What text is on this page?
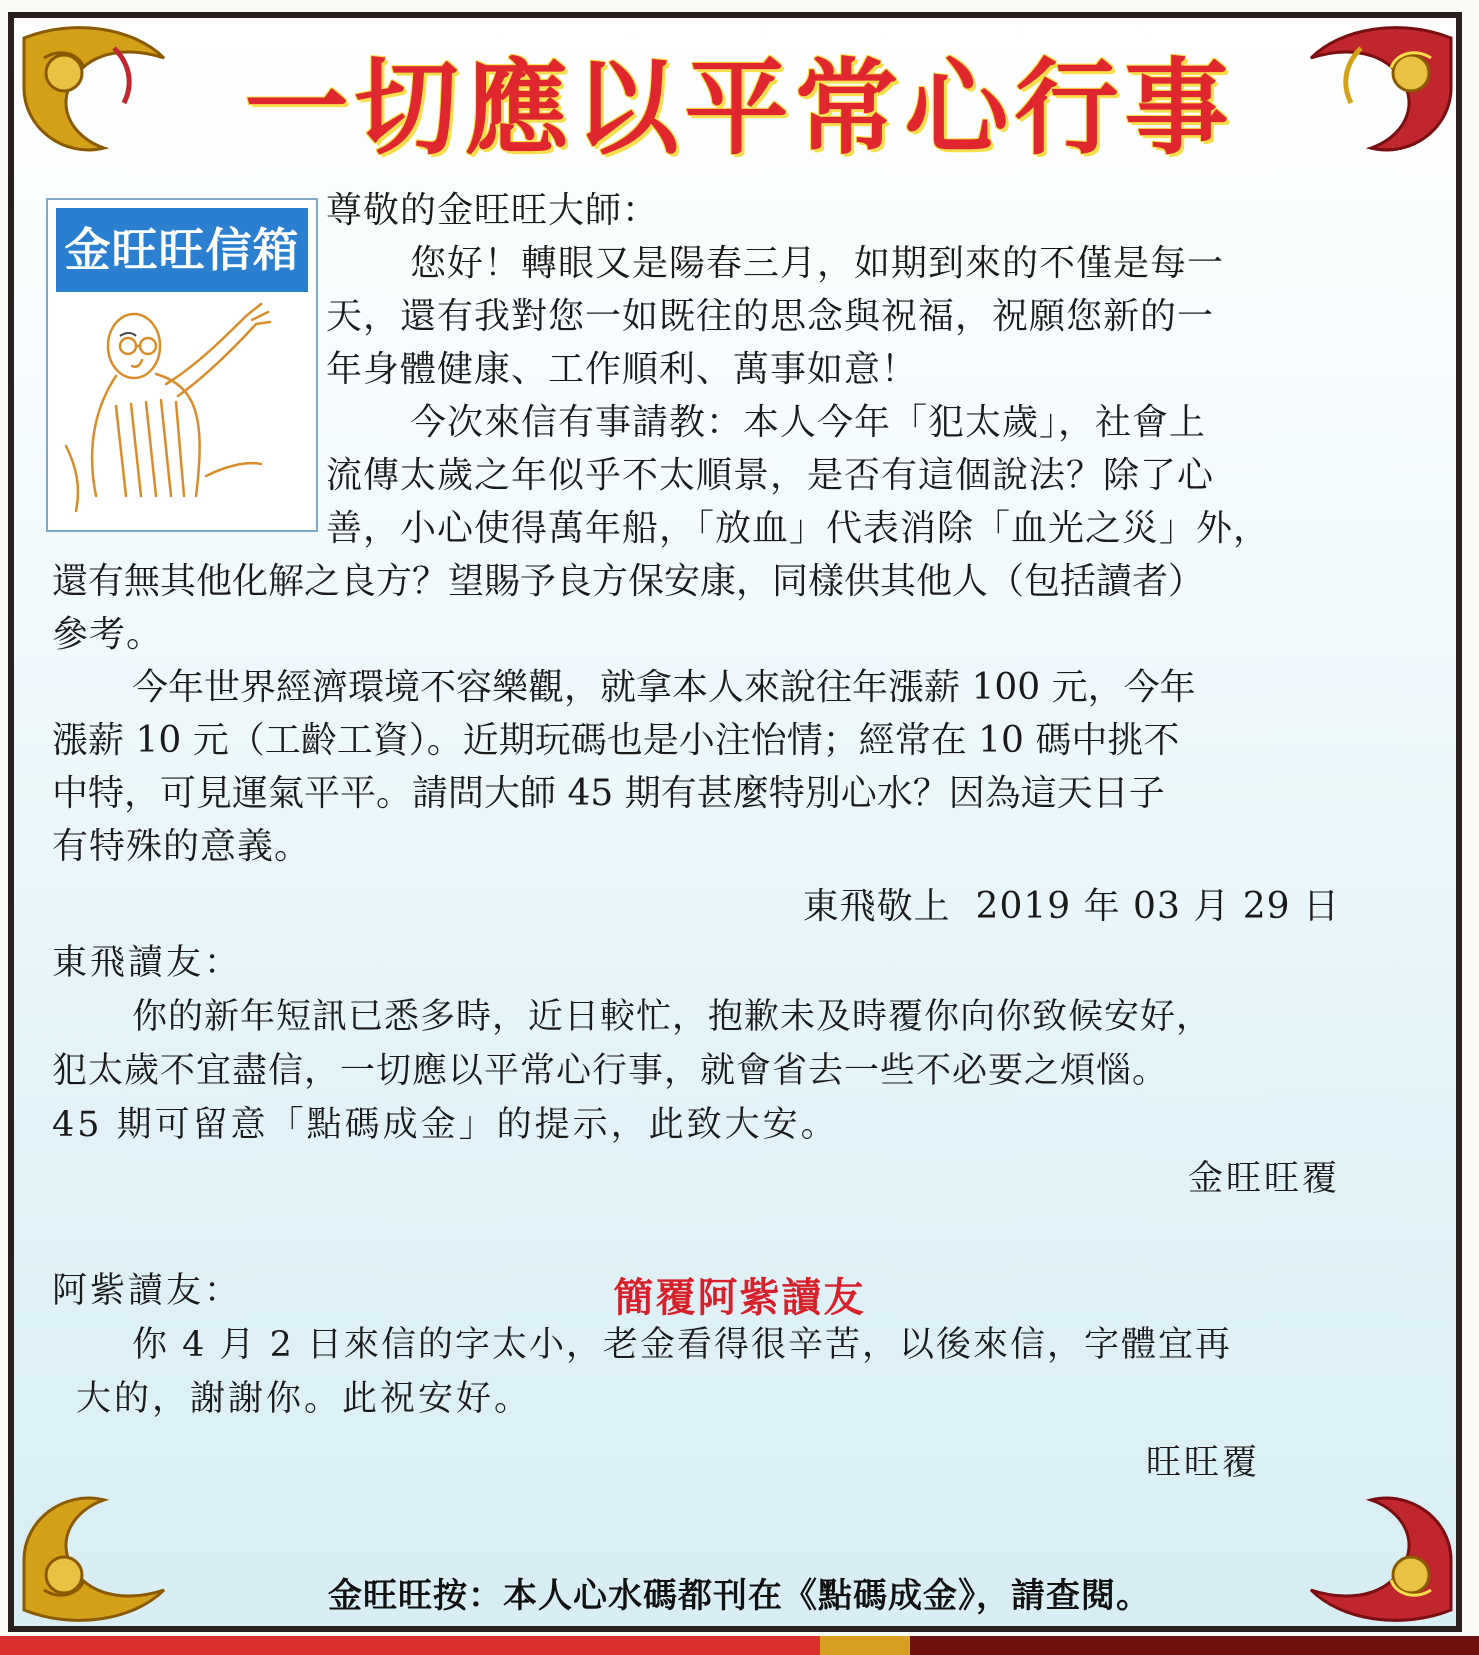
一切應以平常心行事
金旺旺信箱
尊敬的金旺旺大師：
您好！轉眼又是陽春三月，如期到來的不僅是每一
天，還有我對您一如既往的思念與祝福，祝願您新的一
年身體健康、工作順利、萬事如意！
今次來信有事請教：本人今年「犯太歲」，社會上
流傳太歲之年似乎不太順景，是否有這個說法？除了心
善，小心使得萬年船，「放血」代表消除「血光之災」外，
還有無其他化解之良方？望賜予良方保安康，同樣供其他人（包括讀者）
參考。
今年世界經濟環境不容樂觀，就拿本人來說往年漲薪 100 元，今年
漲薪 10 元（工齡工資）。近期玩碼也是小注怡情；經常在 10 碼中挑不
中特，可見運氣平平。請問大師 45 期有甚麼特別心水？因為這天日子
有特殊的意義。
東飛敬上  2019 年 03 月 29 日
東飛讀友：
你的新年短訊已悉多時，近日較忙，抱歉未及時覆你向你致候安好，
犯太歲不宜盡信，一切應以平常心行事，就會省去一些不必要之煩惱。
45 期可留意「點碼成金」的提示，此致大安。
金旺旺覆
簡覆阿紫讀友
阿紫讀友：
你 4 月 2 日來信的字太小，老金看得很辛苦，以後來信，字體宜再
大的，謝謝你。此祝安好。
旺旺覆
金旺旺按：本人心水碼都刊在《點碼成金》，請查閱。
